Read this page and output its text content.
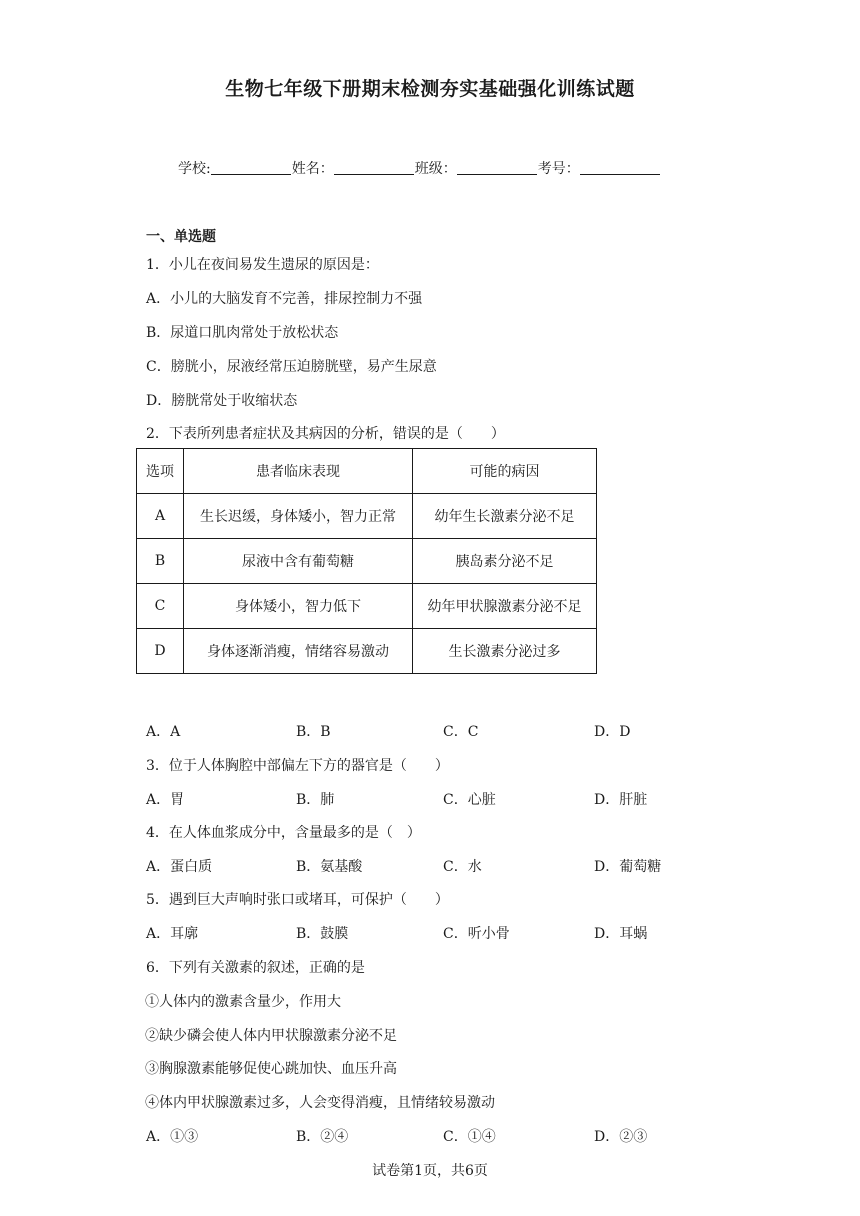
生物七年级下册期末检测夯实基础强化训练试题
学校:	姓名：	班级：	考号：
一、单选题
1．小儿在夜间易发生遗尿的原因是：
A．小儿的大脑发育不完善，排尿控制力不强
B．尿道口肌肉常处于放松状态
C．膀胱小，尿液经常压迫膀胱壁，易产生尿意
D．膀胱常处于收缩状态
2．下表所列患者症状及其病因的分析，错误的是（　　）
选项	患者临床表现	可能的病因
A	生长迟缓，身体矮小，智力正常	幼年生长激素分泌不足
B	尿液中含有葡萄糖	胰岛素分泌不足
C	身体矮小，智力低下	幼年甲状腺激素分泌不足
D	身体逐渐消瘦，情绪容易激动	生长激素分泌过多
A．A	B．B	C．C	D．D
3．位于人体胸腔中部偏左下方的器官是（　　）
A．胃	B．肺	C．心脏	D．肝脏
4．在人体血浆成分中，含量最多的是（　）
A．蛋白质	B．氨基酸	C．水	D．葡萄糖
5．遇到巨大声响时张口或堵耳，可保护（　　）
A．耳廓	B．鼓膜	C．听小骨	D．耳蜗
6．下列有关激素的叙述，正确的是
①人体内的激素含量少，作用大
②缺少磷会使人体内甲状腺激素分泌不足
③胸腺激素能够促使心跳加快、血压升高
④体内甲状腺激素过多，人会变得消瘦，且情绪较易激动
A．①③	B．②④	C．①④	D．②③
试卷第1页，共6页
